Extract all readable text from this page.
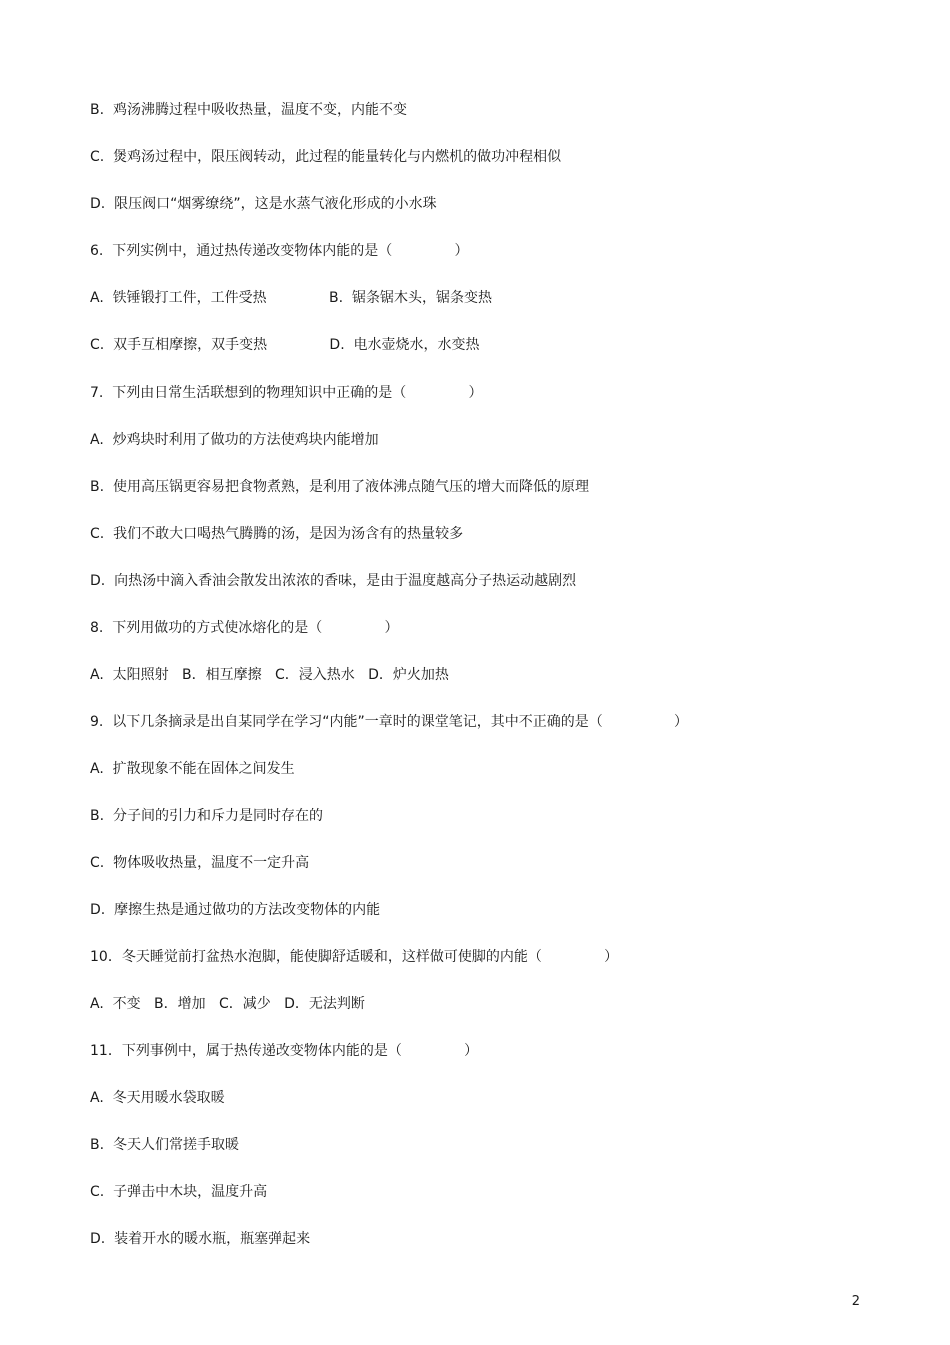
B.  鸡汤沸腾过程中吸收热量，温度不变，内能不变
C.  煲鸡汤过程中，限压阀转动，此过程的能量转化与内燃机的做功冲程相似
D.  限压阀口“烟雾缭绕”，这是水蒸气液化形成的小水珠
6.  下列实例中，通过热传递改变物体内能的是（              ）
A.  铁锤锻打工件，工件受热              B.  锯条锯木头，锯条变热
C.  双手互相摩擦，双手变热              D.  电水壶烧水，水变热
7.  下列由日常生活联想到的物理知识中正确的是（              ）
A.  炒鸡块时利用了做功的方法使鸡块内能增加
B.  使用高压锅更容易把食物煮熟，是利用了液体沸点随气压的增大而降低的原理
C.  我们不敢大口喝热气腾腾的汤，是因为汤含有的热量较多
D.  向热汤中滴入香油会散发出浓浓的香味，是由于温度越高分子热运动越剧烈
8.  下列用做功的方式使冰熔化的是（              ）
A.  太阳照射   B．相互摩擦   C．浸入热水   D．炉火加热
9.  以下几条摘录是出自某同学在学习“内能”一章时的课堂笔记，其中不正确的是（                ）
A.  扩散现象不能在固体之间发生
B.  分子间的引力和斥力是同时存在的
C.  物体吸收热量，温度不一定升高
D.  摩擦生热是通过做功的方法改变物体的内能
10．冬天睡觉前打盆热水泡脚，能使脚舒适暖和，这样做可使脚的内能（              ）
A.  不变   B．增加   C．减少   D．无法判断
11．下列事例中，属于热传递改变物体内能的是（              ）
A.  冬天用暖水袋取暖
B.  冬天人们常搓手取暖
C.  子弹击中木块，温度升高
D.  装着开水的暖水瓶，瓶塞弹起来
2
